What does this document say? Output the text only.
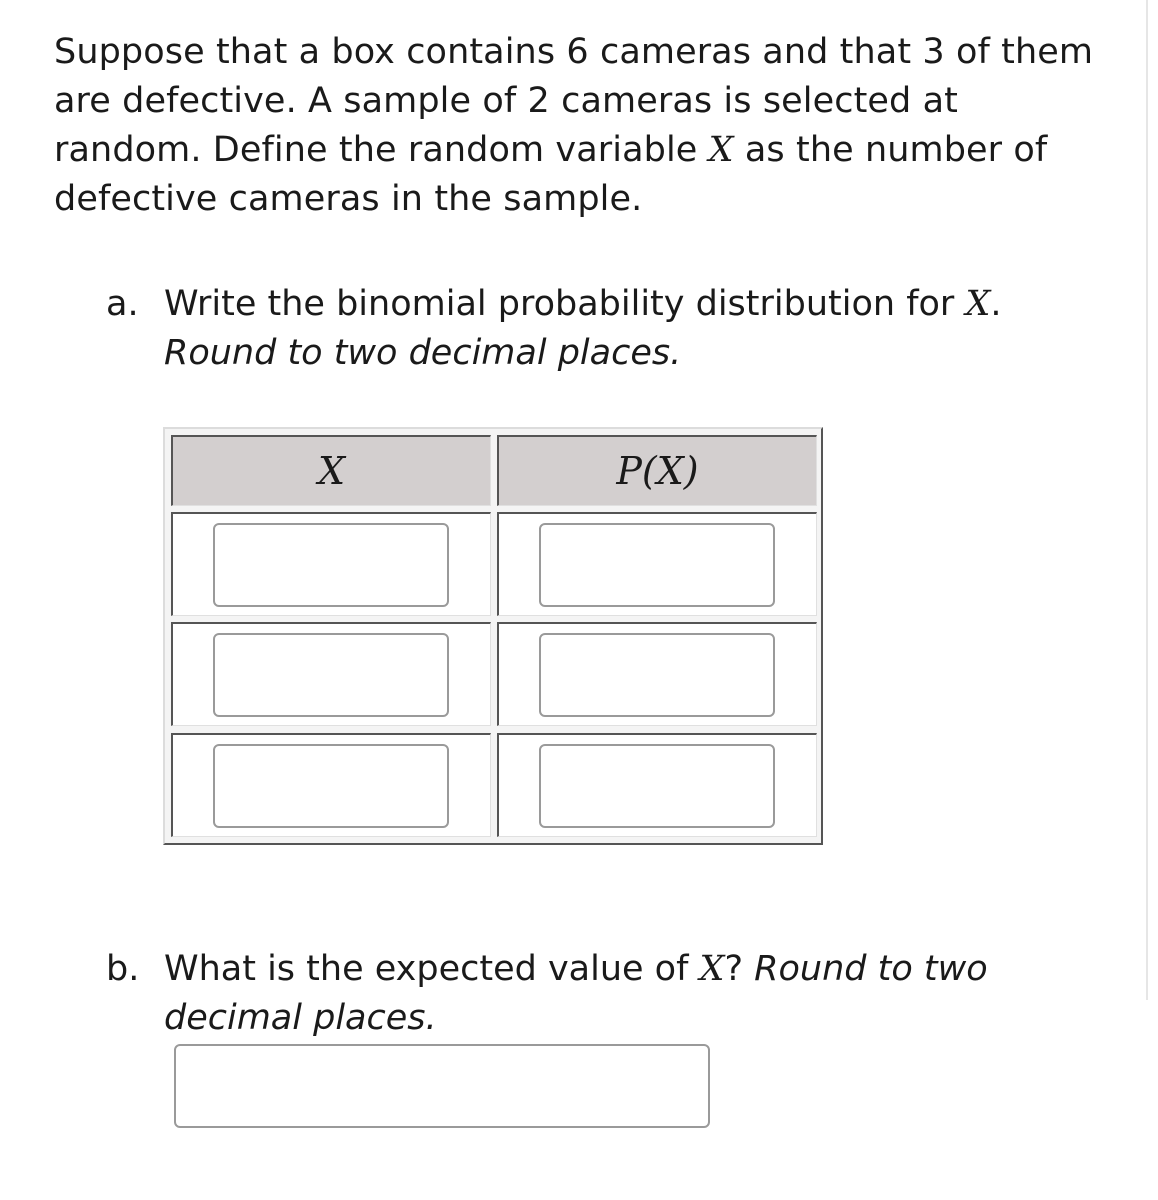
Suppose that a box contains 6 cameras and that 3 of them are defective. A sample of 2 cameras is selected at random. Define the random variable X as the number of defective cameras in the sample.
a. Write the binomial probability distribution for X.
Round to two decimal places.
X	P(X)
b. What is the expected value of X? Round to two decimal places.
